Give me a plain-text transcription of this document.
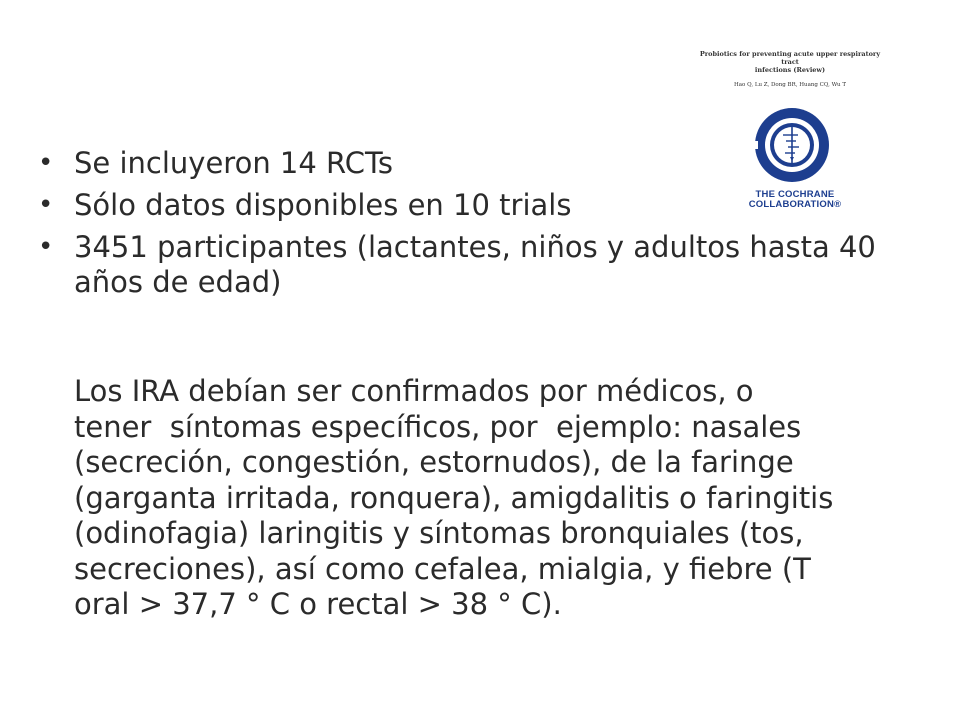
Probiotics for preventing acute upper respiratory tract
infections (Review)
Hao Q, Lu Z, Dong BR, Huang CQ, Wu T
THE COCHRANE
COLLABORATION®
• Se incluyeron 14 RCTs
• Sólo datos disponibles en 10 trials
• 3451 participantes (lactantes, niños y adultos hasta 40 años de edad)
Los IRA debían ser confirmados por médicos, o
tener  síntomas específicos, por  ejemplo: nasales
(secreción, congestión, estornudos), de la faringe
(garganta irritada, ronquera), amigdalitis o faringitis
(odinofagia) laringitis y síntomas bronquiales (tos,
secreciones), así como cefalea, mialgia, y fiebre (T
oral > 37,7 ° C o rectal > 38 ° C).
